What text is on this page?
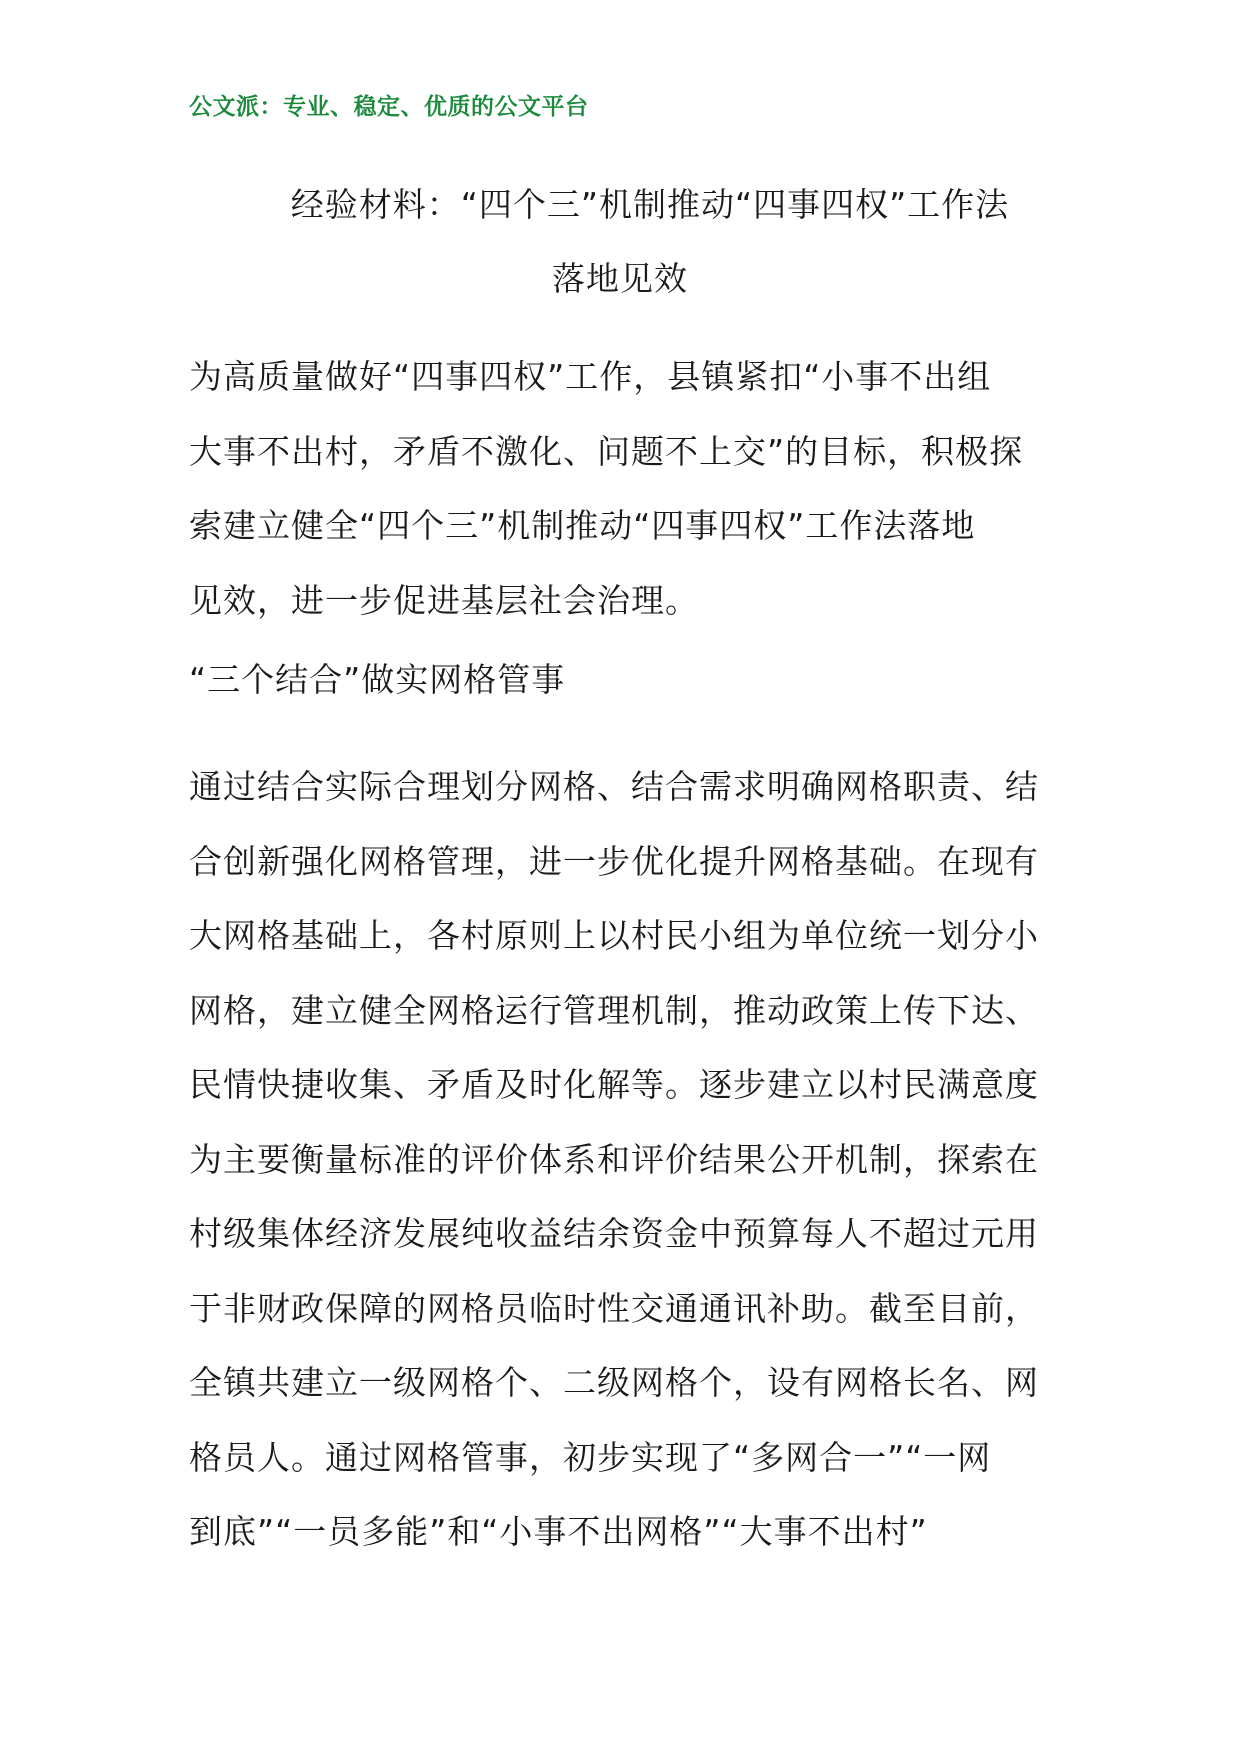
公文派：专业、稳定、优质的公文平台
经验材料：“四个三”机制推动“四事四权”工作法
落地见效
为高质量做好“四事四权”工作，县镇紧扣“小事不出组
大事不出村，矛盾不激化、问题不上交”的目标，积极探
索建立健全“四个三”机制推动“四事四权”工作法落地
见效，进一步促进基层社会治理。
“三个结合”做实网格管事
通过结合实际合理划分网格、结合需求明确网格职责、结
合创新强化网格管理，进一步优化提升网格基础。在现有
大网格基础上，各村原则上以村民小组为单位统一划分小
网格，建立健全网格运行管理机制，推动政策上传下达、
民情快捷收集、矛盾及时化解等。逐步建立以村民满意度
为主要衡量标准的评价体系和评价结果公开机制，探索在
村级集体经济发展纯收益结余资金中预算每人不超过元用
于非财政保障的网格员临时性交通通讯补助。截至目前，
全镇共建立一级网格个、二级网格个，设有网格长名、网
格员人。通过网格管事，初步实现了“多网合一”“一网
到底”“一员多能”和“小事不出网格”“大事不出村”
